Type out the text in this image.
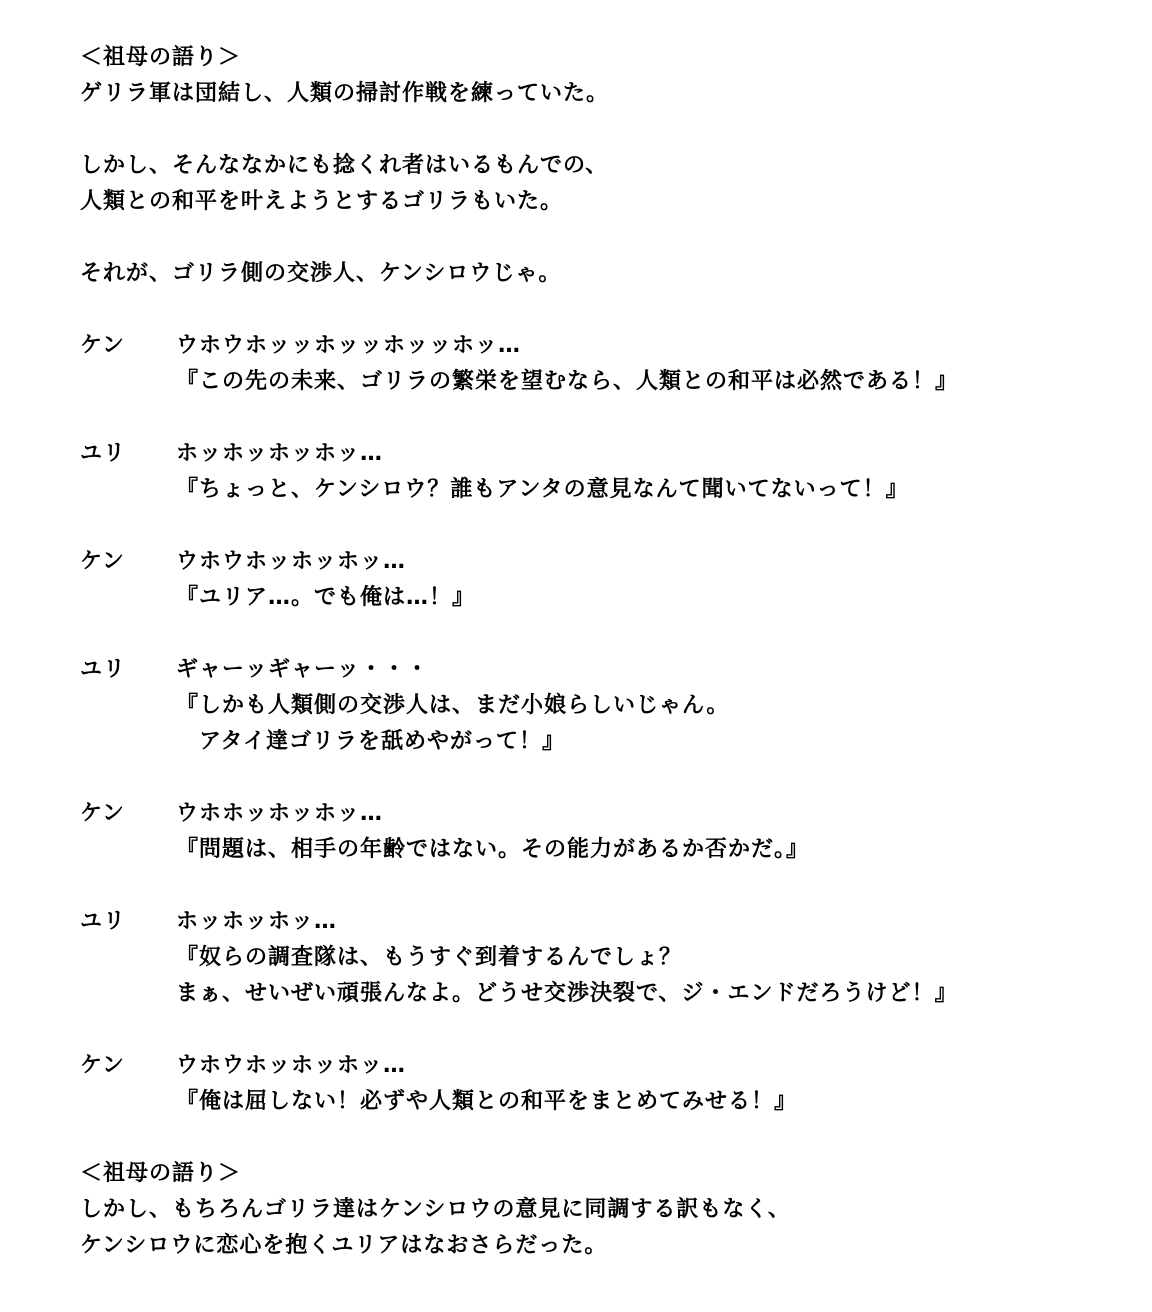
＜祖母の語り＞
ゲリラ軍は団結し、人類の掃討作戦を練っていた。
しかし、そんななかにも捻くれ者はいるもんでの、
人類との和平を叶えようとするゴリラもいた。
それが、ゴリラ側の交渉人、ケンシロウじゃ。
ケン	ウホウホッッホッッホッッホッ…
『この先の未来、ゴリラの繁栄を望むなら、人類との和平は必然である！』
ユリ	ホッホッホッホッ…
『ちょっと、ケンシロウ？誰もアンタの意見なんて聞いてないって！』
ケン	ウホウホッホッホッ…
『ユリア…。でも俺は…！』
ユリ	ギャーッギャーッ・・・
『しかも人類側の交渉人は、まだ小娘らしいじゃん。
　アタイ達ゴリラを舐めやがって！』
ケン	ウホホッホッホッ…
『問題は、相手の年齢ではない。その能力があるか否かだ。』
ユリ	ホッホッホッ…
『奴らの調査隊は、もうすぐ到着するんでしょ？
まぁ、せいぜい頑張んなよ。どうせ交渉決裂で、ジ・エンドだろうけど！』
ケン	ウホウホッホッホッ…
『俺は屈しない！必ずや人類との和平をまとめてみせる！』
＜祖母の語り＞
しかし、もちろんゴリラ達はケンシロウの意見に同調する訳もなく、
ケンシロウに恋心を抱くユリアはなおさらだった。
